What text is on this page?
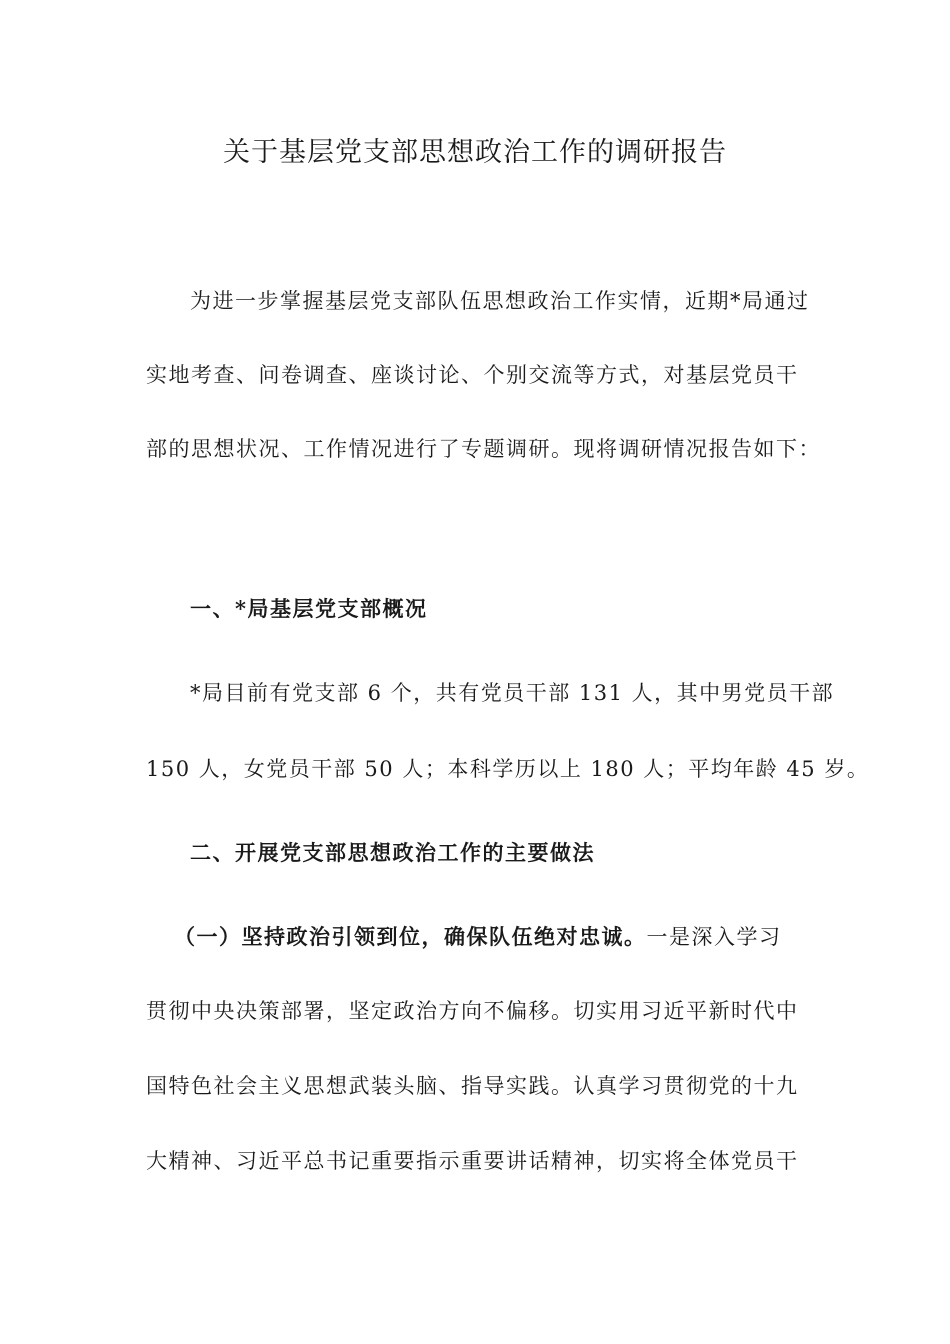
关于基层党支部思想政治工作的调研报告
为进一步掌握基层党支部队伍思想政治工作实情，近期*局通过
实地考查、问卷调查、座谈讨论、个别交流等方式，对基层党员干
部的思想状况、工作情况进行了专题调研。现将调研情况报告如下：
一、*局基层党支部概况
*局目前有党支部 6 个，共有党员干部 131 人，其中男党员干部
150 人，女党员干部 50 人；本科学历以上 180 人；平均年龄 45 岁。
二、开展党支部思想政治工作的主要做法
（一）坚持政治引领到位，确保队伍绝对忠诚。一是深入学习
贯彻中央决策部署，坚定政治方向不偏移。切实用习近平新时代中
国特色社会主义思想武装头脑、指导实践。认真学习贯彻党的十九
大精神、习近平总书记重要指示重要讲话精神，切实将全体党员干
